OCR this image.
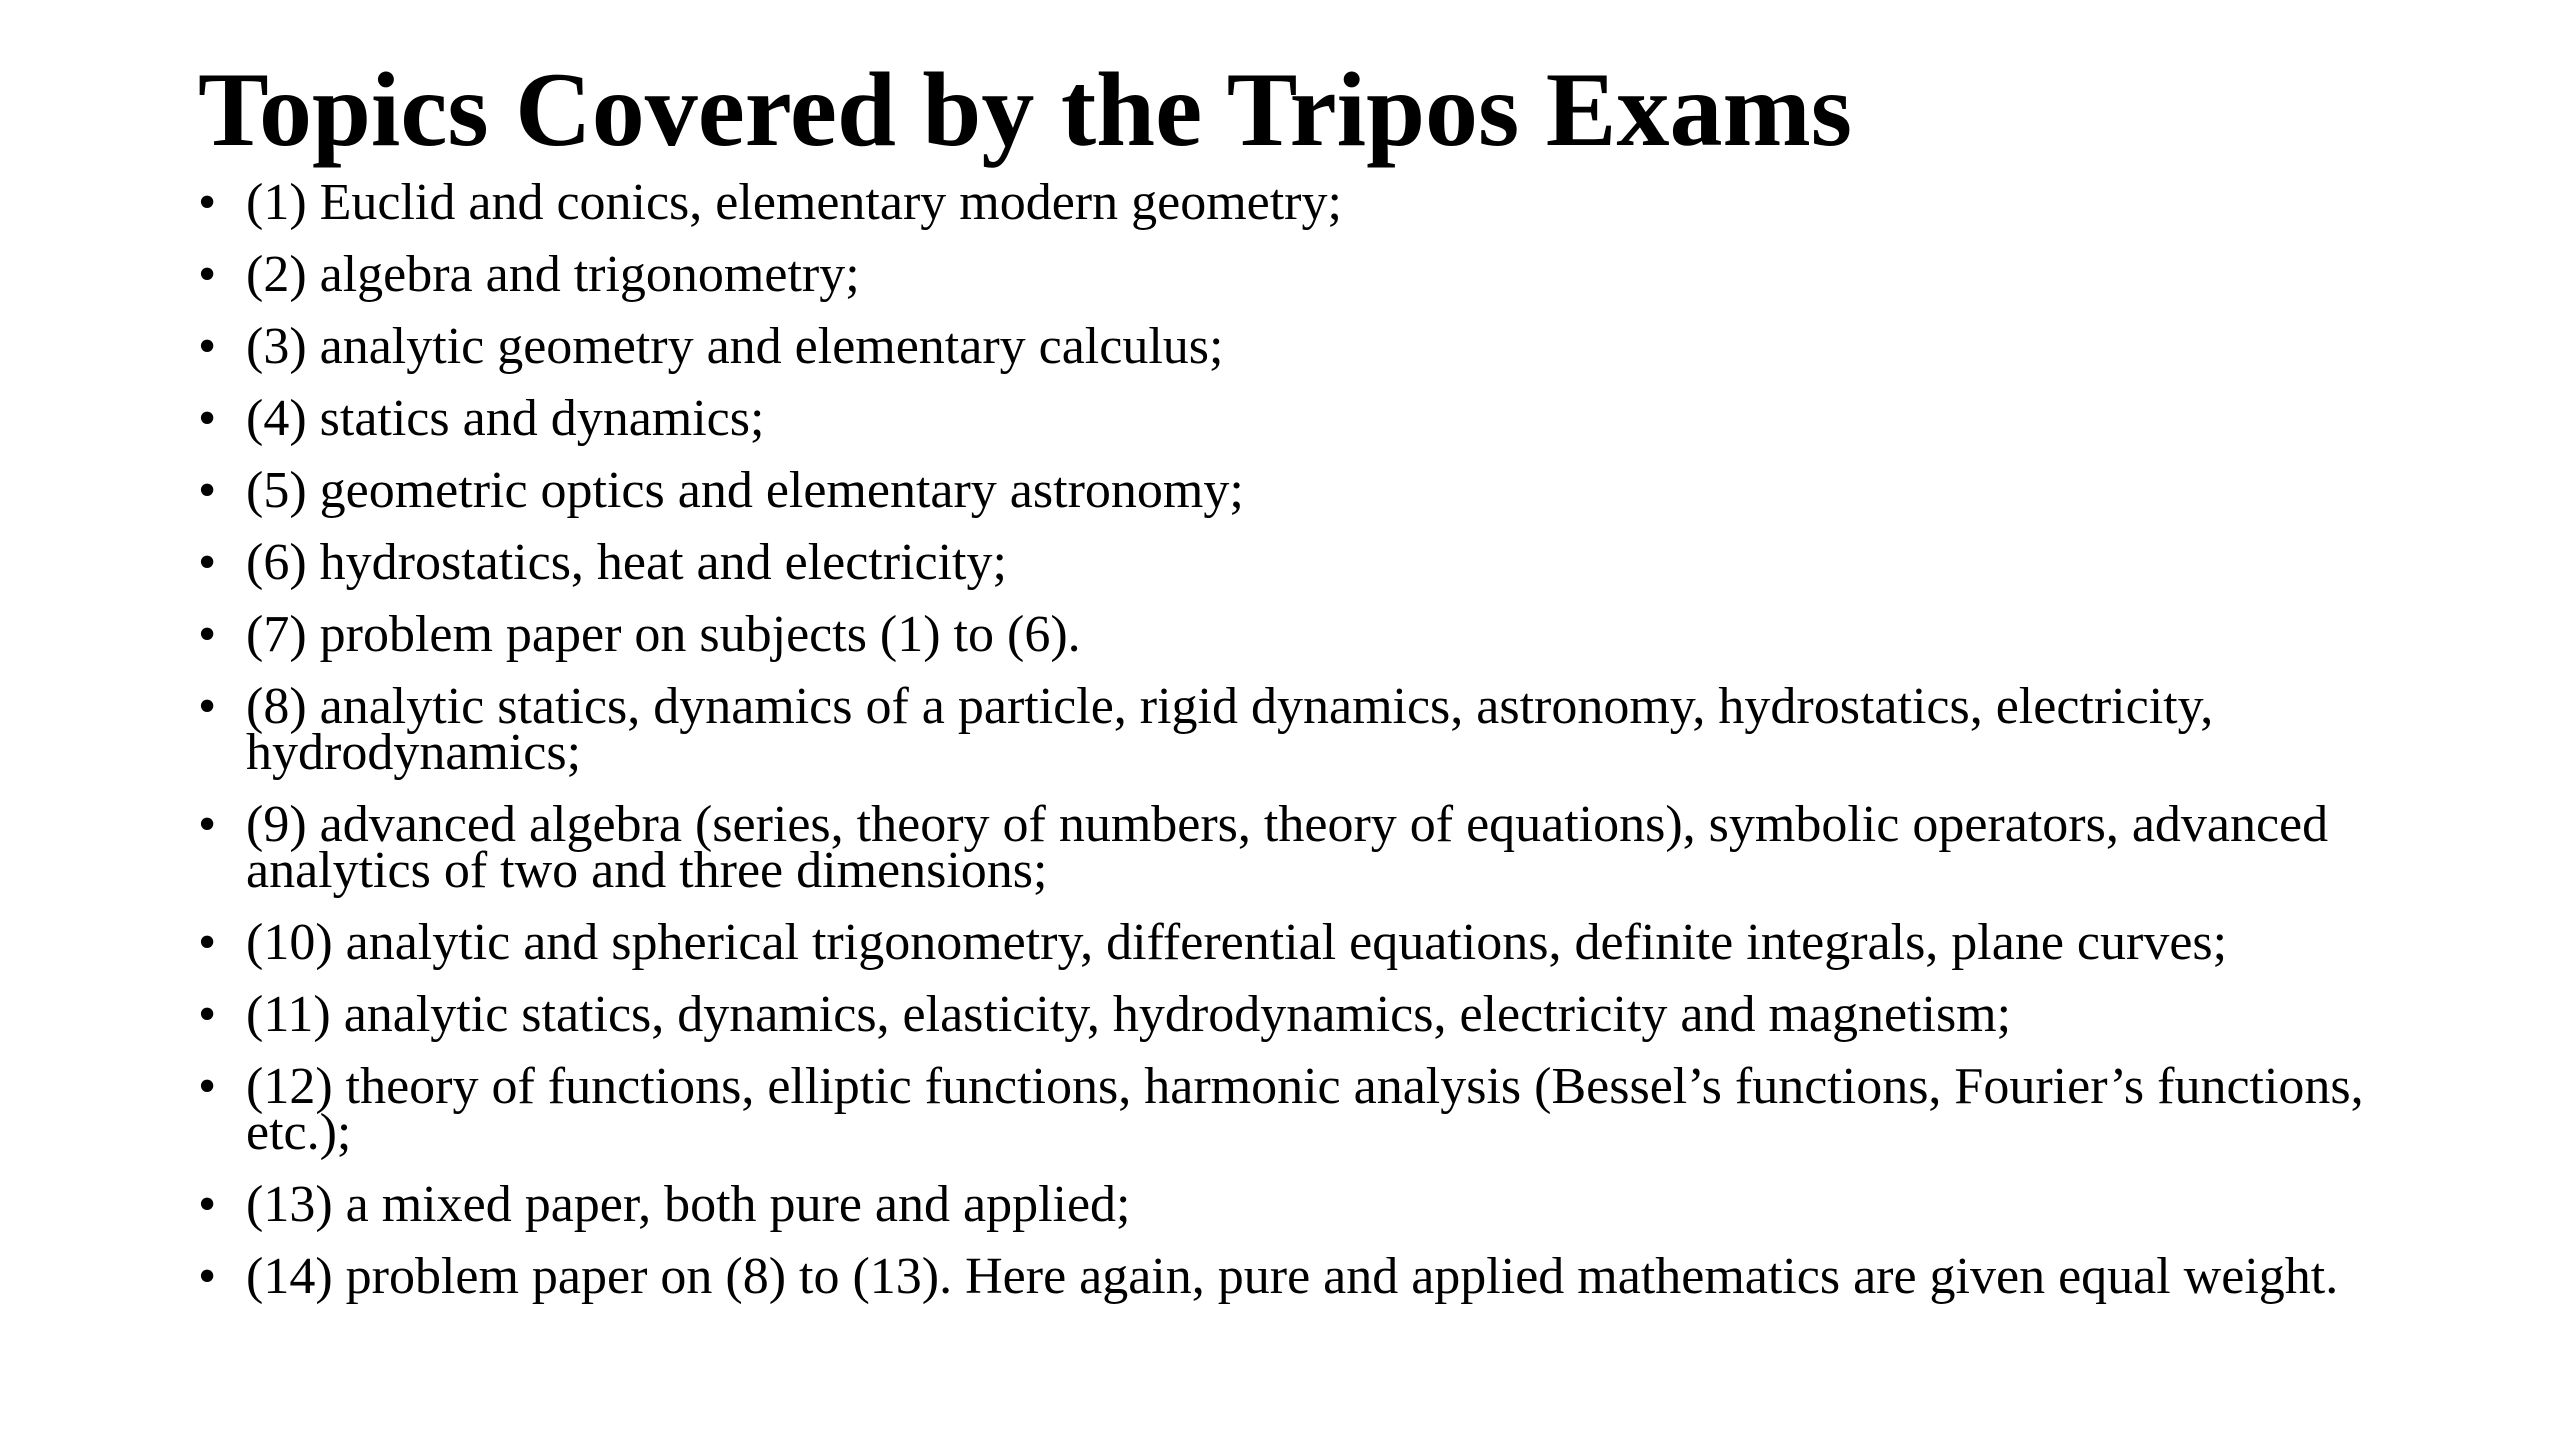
Topics Covered by the Tripos Exams
• (1) Euclid and conics, elementary modern geometry;
• (2) algebra and trigonometry;
• (3) analytic geometry and elementary calculus;
• (4) statics and dynamics;
• (5) geometric optics and elementary astronomy;
• (6) hydrostatics, heat and electricity;
• (7) problem paper on subjects (1) to (6).
• (8) analytic statics, dynamics of a particle, rigid dynamics, astronomy, hydrostatics, electricity, hydrodynamics;
• (9) advanced algebra (series, theory of numbers, theory of equations), symbolic operators, advanced analytics of two and three dimensions;
• (10) analytic and spherical trigonometry, differential equations, definite integrals, plane curves;
• (11) analytic statics, dynamics, elasticity, hydrodynamics, electricity and magnetism;
• (12) theory of functions, elliptic functions, harmonic analysis (Bessel’s functions, Fourier’s functions, etc.);
• (13) a mixed paper, both pure and applied;
• (14) problem paper on (8) to (13). Here again, pure and applied mathematics are given equal weight.
